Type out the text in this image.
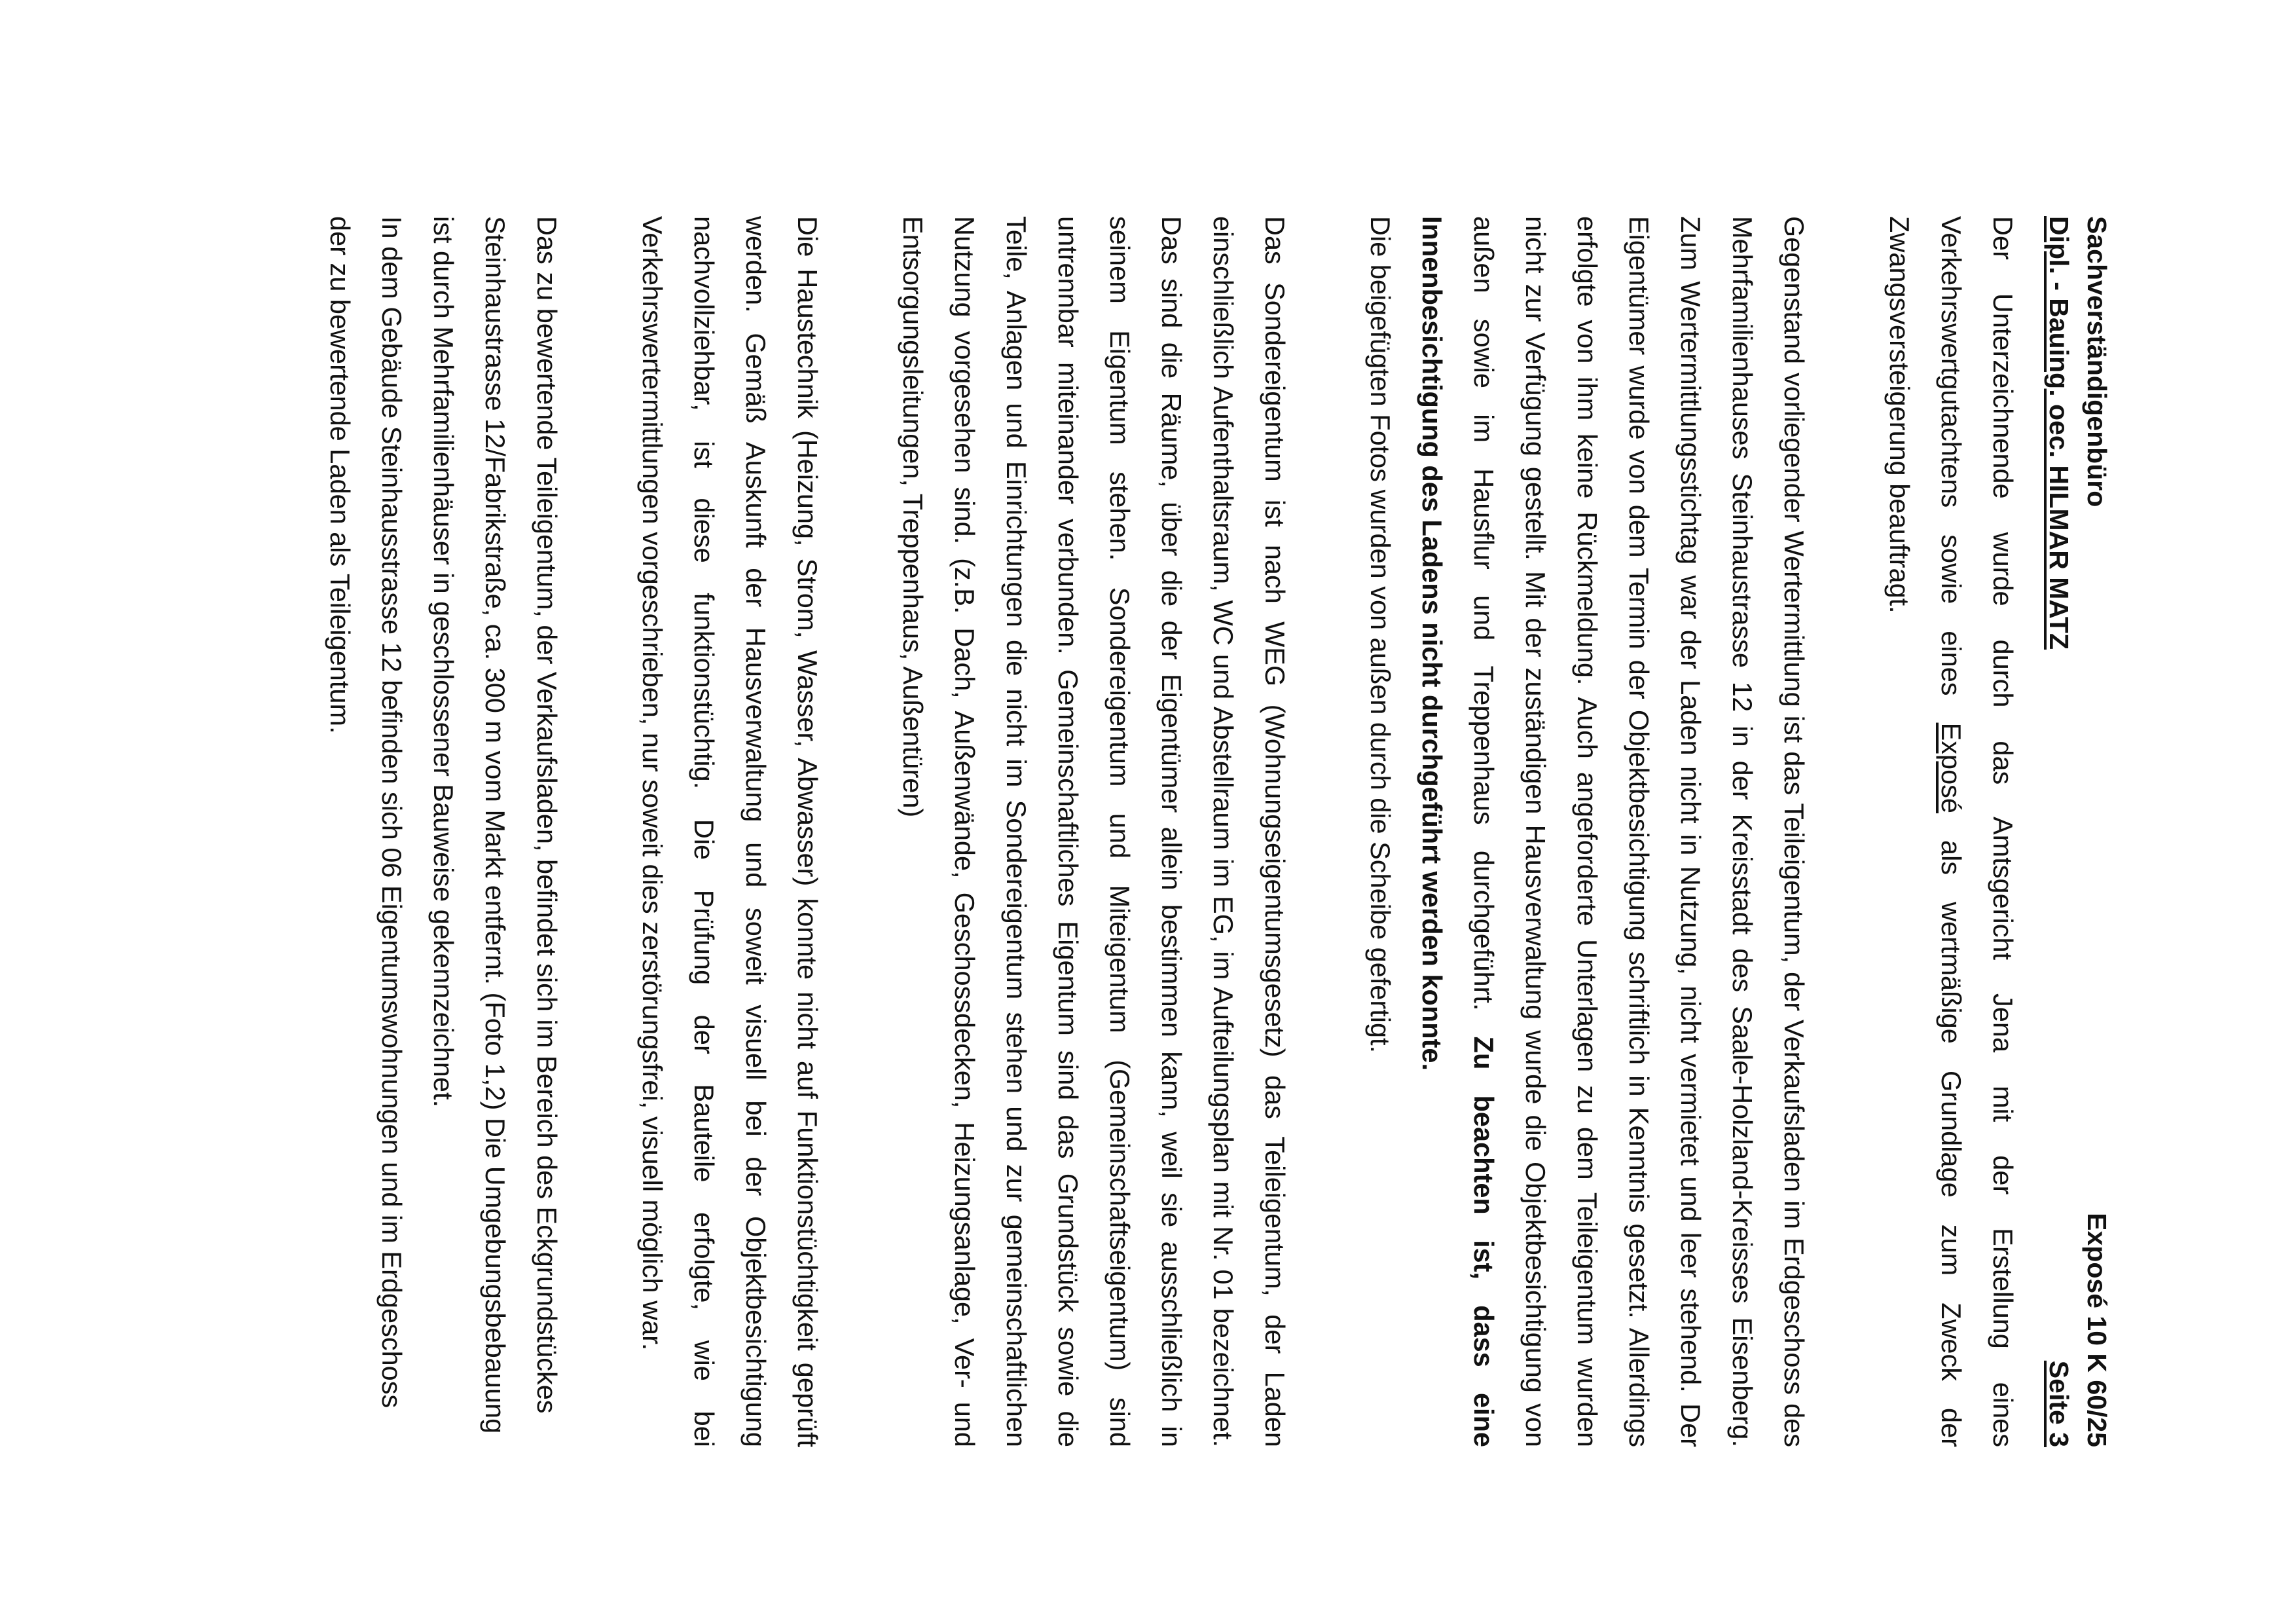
Sachverständigenbüro
Exposé 10 K 60/25
Dipl. - Bauing. oec. HILMAR MATZ
Seite 3

Der Unterzeichnende wurde durch das Amtsgericht Jena mit der Erstellung eines Verkehrswertgutachtens sowie eines Exposé als wertmäßige Grundlage zum Zweck der Zwangsversteigerung beauftragt.

Gegenstand vorliegender Wertermittlung ist das Teileigentum, der Verkaufsladen im Erdgeschoss des Mehrfamilienhauses Steinhaustrasse 12 in der Kreisstadt des Saale-Holzland-Kreisses Eisenberg. Zum Wertermittlungsstichtag war der Laden nicht in Nutzung, nicht vermietet und leer stehend. Der Eigentümer wurde von dem Termin der Objektbesichtigung schriftlich in Kenntnis gesetzt. Allerdings erfolgte von ihm keine Rückmeldung. Auch angeforderte Unterlagen zu dem Teileigentum wurden nicht zur Verfügung gestellt. Mit der zuständigen Hausverwaltung wurde die Objektbesichtigung von außen sowie im Hausflur und Treppenhaus durchgeführt. Zu beachten ist, dass eine Innenbesichtigung des Ladens nicht durchgeführt werden konnte.
Die beigefügten Fotos wurden von außen durch die Scheibe gefertigt.

Das Sondereigentum ist nach WEG (Wohnungseigentumsgesetz) das Teileigentum, der Laden einschließlich Aufenthaltsraum, WC und Abstellraum im EG, im Aufteilungsplan mit Nr. 01 bezeichnet. Das sind die Räume, über die der Eigentümer allein bestimmen kann, weil sie ausschließlich in seinem Eigentum stehen. Sondereigentum und Miteigentum (Gemeinschaftseigentum) sind untrennbar miteinander verbunden. Gemeinschaftliches Eigentum sind das Grundstück sowie die Teile, Anlagen und Einrichtungen die nicht im Sondereigentum stehen und zur gemeinschaftlichen Nutzung vorgesehen sind. (z.B. Dach, Außenwände, Geschossdecken, Heizungsanlage, Ver- und Entsorgungsleitungen, Treppenhaus, Außentüren)

Die Haustechnik (Heizung, Strom, Wasser, Abwasser) konnte nicht auf Funktionstüchtigkeit geprüft werden. Gemäß Auskunft der Hausverwaltung und soweit visuell bei der Objektbesichtigung nachvollziehbar, ist diese funktionstüchtig. Die Prüfung der Bauteile erfolgte, wie bei Verkehrswertermittlungen vorgeschrieben, nur soweit dies zerstörungsfrei, visuell möglich war.

Das zu bewertende Teileigentum, der Verkaufsladen, befindet sich im Bereich des Eckgrundstückes Steinhaustrasse 12/Fabrikstraße, ca. 300 m vom Markt entfernt. (Foto 1,2) Die Umgebungsbebauung ist durch Mehrfamilienhäuser in geschlossener Bauweise gekennzeichnet.
In dem Gebäude Steinhausstrasse 12 befinden sich 06 Eigentumswohnungen und im Erdgeschoss der zu bewertende Laden als Teileigentum.
